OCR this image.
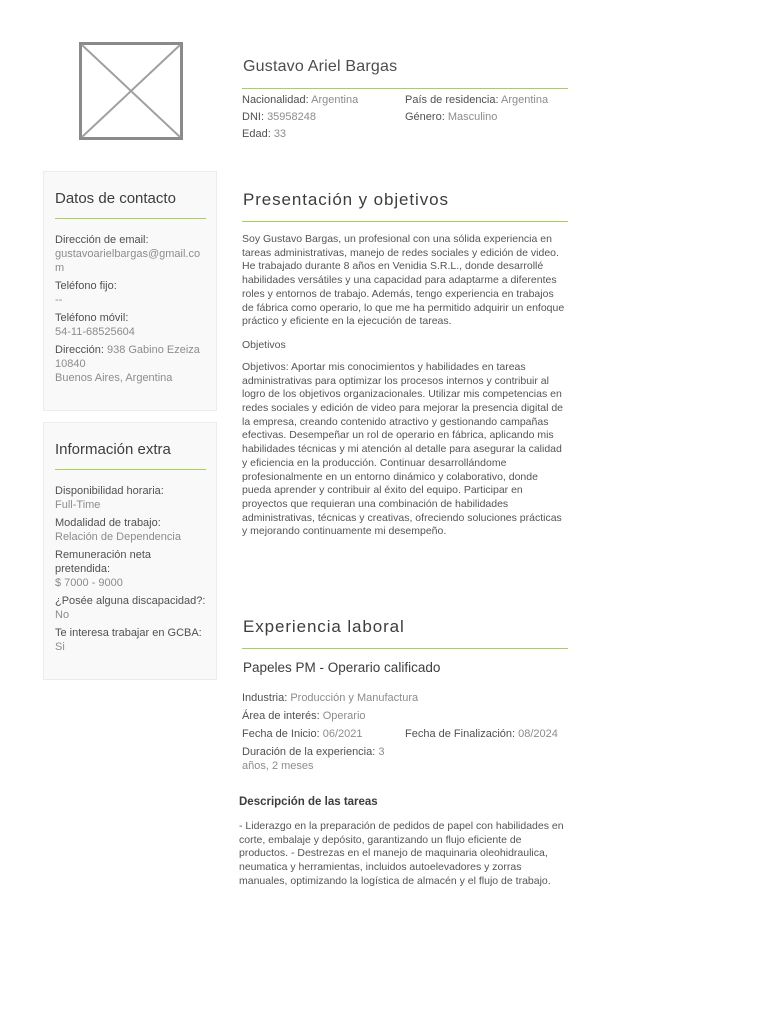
Gustavo Ariel Bargas
Nacionalidad: Argentina	País de residencia: Argentina
DNI: 35958248	Género: Masculino
Edad: 33
Datos de contacto
Dirección de email:
gustavoarielbargas@gmail.com
Teléfono fijo:
--
Teléfono móvil:
54-11-68525604
Dirección: 938 Gabino Ezeiza 10840
Buenos Aires, Argentina
Información extra
Disponibilidad horaria:
Full-Time
Modalidad de trabajo:
Relación de Dependencia
Remuneración neta pretendida:
$ 7000 - 9000
¿Posée alguna discapacidad?:
No
Te interesa trabajar en GCBA:
Si
Presentación y objetivos

Soy Gustavo Bargas, un profesional con una sólida experiencia en tareas administrativas, manejo de redes sociales y edición de video. He trabajado durante 8 años en Venidia S.R.L., donde desarrollé habilidades versátiles y una capacidad para adaptarme a diferentes roles y entornos de trabajo. Además, tengo experiencia en trabajos de fábrica como operario, lo que me ha permitido adquirir un enfoque práctico y eficiente en la ejecución de tareas.

Objetivos

Objetivos: Aportar mis conocimientos y habilidades en tareas administrativas para optimizar los procesos internos y contribuir al logro de los objetivos organizacionales. Utilizar mis competencias en redes sociales y edición de video para mejorar la presencia digital de la empresa, creando contenido atractivo y gestionando campañas efectivas. Desempeñar un rol de operario en fábrica, aplicando mis habilidades técnicas y mi atención al detalle para asegurar la calidad y eficiencia en la producción. Continuar desarrollándome profesionalmente en un entorno dinámico y colaborativo, donde pueda aprender y contribuir al éxito del equipo. Participar en proyectos que requieran una combinación de habilidades administrativas, técnicas y creativas, ofreciendo soluciones prácticas y mejorando continuamente mi desempeño.

Experiencia laboral
Papeles PM - Operario calificado
Industria: Producción y Manufactura
Área de interés: Operario
Fecha de Inicio: 06/2021	Fecha de Finalización: 08/2024
Duración de la experiencia: 3 años, 2 meses
Descripción de las tareas

- Liderazgo en la preparación de pedidos de papel con habilidades en corte, embalaje y depósito, garantizando un flujo eficiente de productos. - Destrezas en el manejo de maquinaria oleohidraulica, neumatica y herramientas, incluidos autoelevadores y zorras manuales, optimizando la logística de almacén y el flujo de trabajo.
